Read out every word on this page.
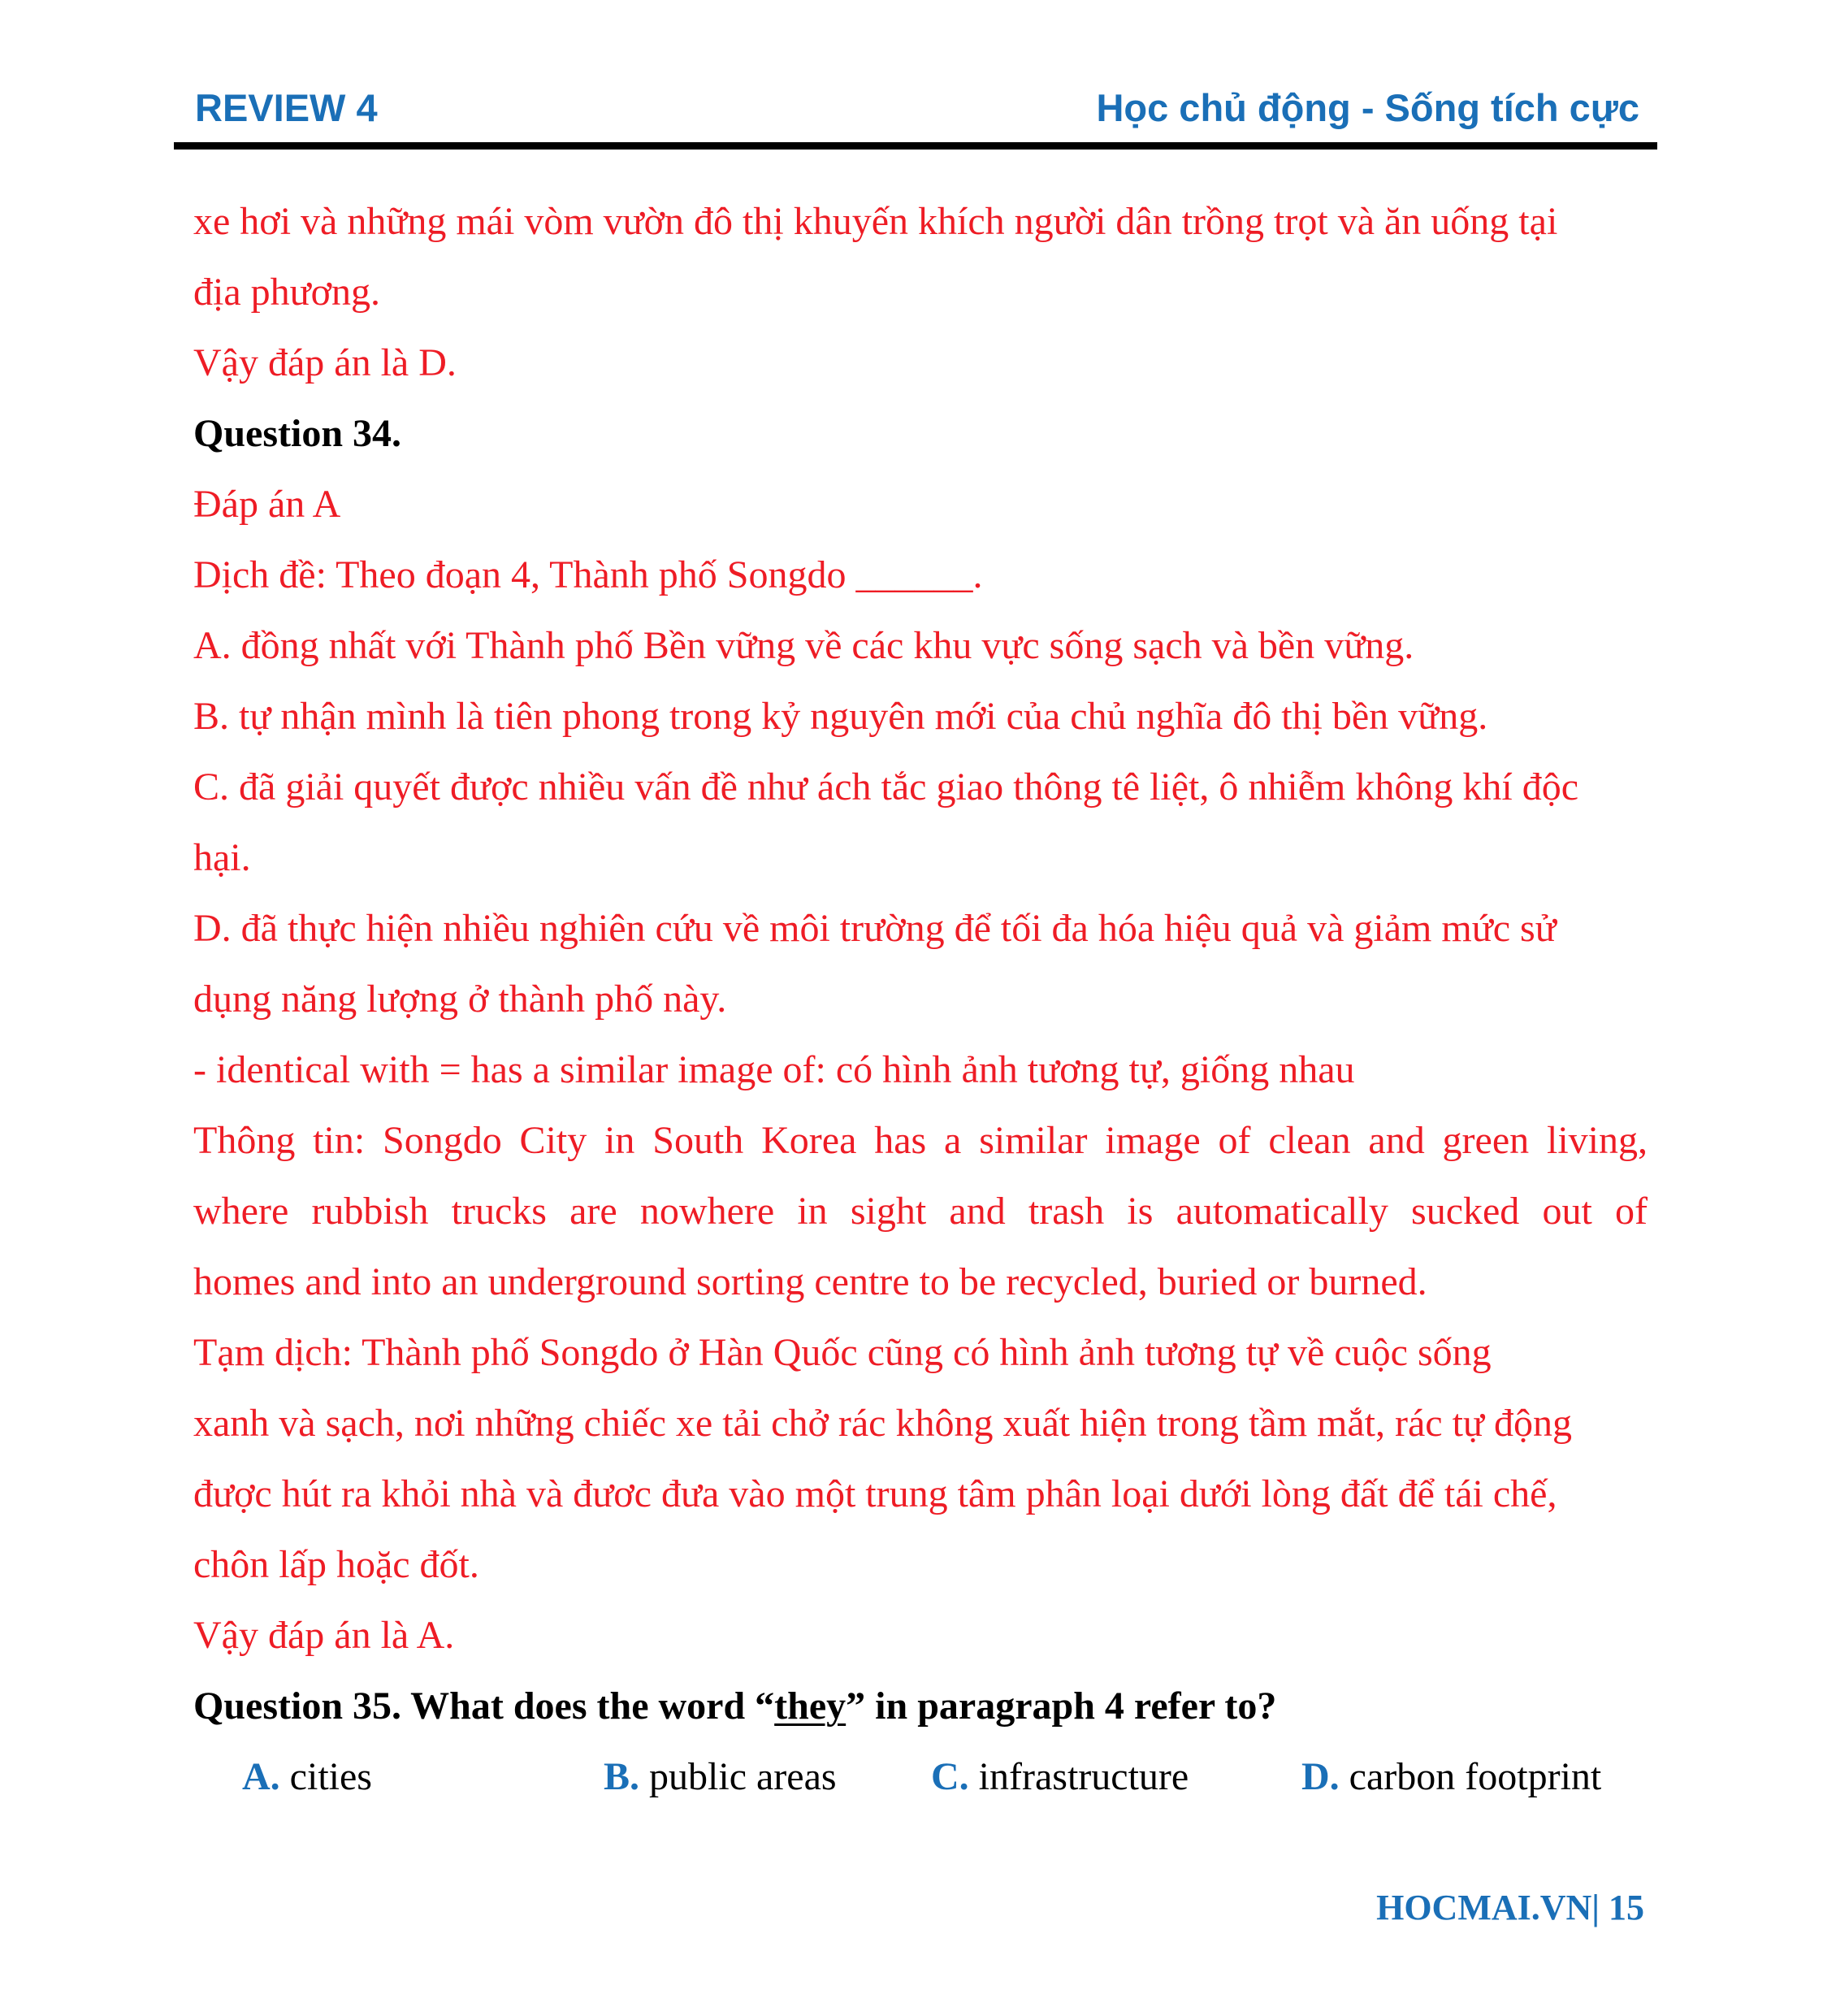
REVIEW 4	Học chủ động - Sống tích cực
xe hơi và những mái vòm vườn đô thị khuyến khích người dân trồng trọt và ăn uống tại
địa phương.
Vậy đáp án là D.
Question 34.
Đáp án A
Dịch đề: Theo đoạn 4, Thành phố Songdo ______.
A. đồng nhất với Thành phố Bền vững về các khu vực sống sạch và bền vững.
B. tự nhận mình là tiên phong trong kỷ nguyên mới của chủ nghĩa đô thị bền vững.
C. đã giải quyết được nhiều vấn đề như ách tắc giao thông tê liệt, ô nhiễm không khí độc
hại.
D. đã thực hiện nhiều nghiên cứu về môi trường để tối đa hóa hiệu quả và giảm mức sử
dụng năng lượng ở thành phố này.
- identical with = has a similar image of: có hình ảnh tương tự, giống nhau
Thông tin: Songdo City in South Korea has a similar image of clean and green living,
where rubbish trucks are nowhere in sight and trash is automatically sucked out of
homes and into an underground sorting centre to be recycled, buried or burned.
Tạm dịch: Thành phố Songdo ở Hàn Quốc cũng có hình ảnh tương tự về cuộc sống
xanh và sạch, nơi những chiếc xe tải chở rác không xuất hiện trong tầm mắt, rác tự động
được hút ra khỏi nhà và đươc đưa vào một trung tâm phân loại dưới lòng đất để tái chế,
chôn lấp hoặc đốt.
Vậy đáp án là A.
Question 35. What does the word “they” in paragraph 4 refer to?
A. cities	B. public areas C. infrastructure	D. carbon footprint
HOCMAI.VN| 15
